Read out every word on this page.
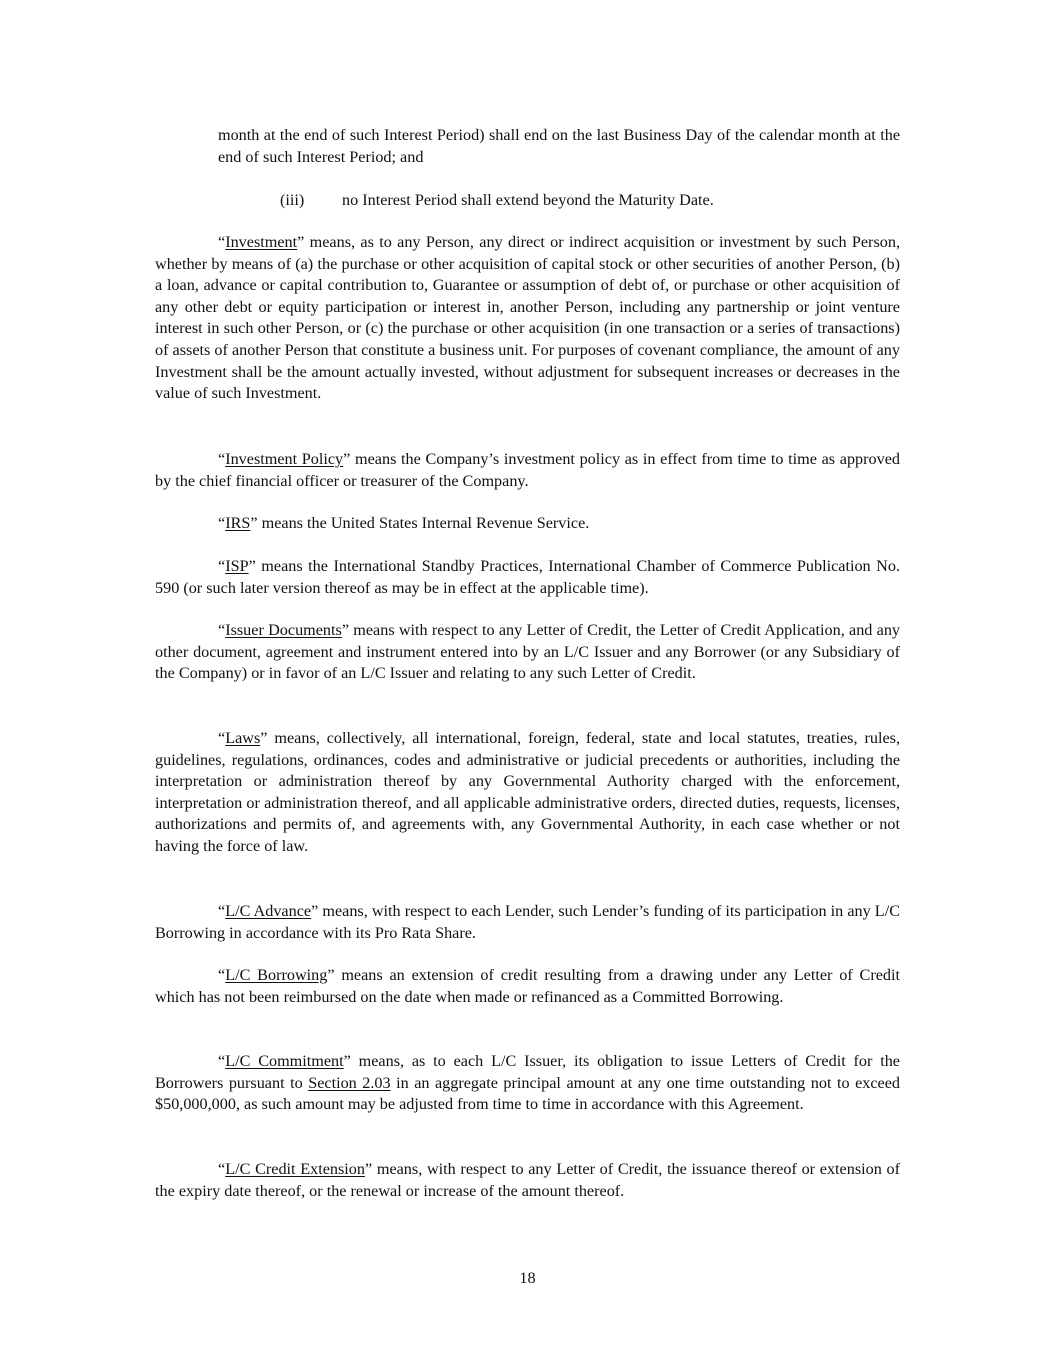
month at the end of such Interest Period) shall end on the last Business Day of the calendar month at the end of such Interest Period; and

(iii) no Interest Period shall extend beyond the Maturity Date.

“Investment” means, as to any Person, any direct or indirect acquisition or investment by such Person, whether by means of (a) the purchase or other acquisition of capital stock or other securities of another Person, (b) a loan, advance or capital contribution to, Guarantee or assumption of debt of, or purchase or other acquisition of any other debt or equity participation or interest in, another Person, including any partnership or joint venture interest in such other Person, or (c) the purchase or other acquisition (in one transaction or a series of transactions) of assets of another Person that constitute a business unit. For purposes of covenant compliance, the amount of any Investment shall be the amount actually invested, without adjustment for subsequent increases or decreases in the value of such Investment.

“Investment Policy” means the Company’s investment policy as in effect from time to time as approved by the chief financial officer or treasurer of the Company.

“IRS” means the United States Internal Revenue Service.

“ISP” means the International Standby Practices, International Chamber of Commerce Publication No. 590 (or such later version thereof as may be in effect at the applicable time).

“Issuer Documents” means with respect to any Letter of Credit, the Letter of Credit Application, and any other document, agreement and instrument entered into by an L/C Issuer and any Borrower (or any Subsidiary of the Company) or in favor of an L/C Issuer and relating to any such Letter of Credit.

“Laws” means, collectively, all international, foreign, federal, state and local statutes, treaties, rules, guidelines, regulations, ordinances, codes and administrative or judicial precedents or authorities, including the interpretation or administration thereof by any Governmental Authority charged with the enforcement, interpretation or administration thereof, and all applicable administrative orders, directed duties, requests, licenses, authorizations and permits of, and agreements with, any Governmental Authority, in each case whether or not having the force of law.

“L/C Advance” means, with respect to each Lender, such Lender’s funding of its participation in any L/C Borrowing in accordance with its Pro Rata Share.

“L/C Borrowing” means an extension of credit resulting from a drawing under any Letter of Credit which has not been reimbursed on the date when made or refinanced as a Committed Borrowing.

“L/C Commitment” means, as to each L/C Issuer, its obligation to issue Letters of Credit for the Borrowers pursuant to Section 2.03 in an aggregate principal amount at any one time outstanding not to exceed $50,000,000, as such amount may be adjusted from time to time in accordance with this Agreement.

“L/C Credit Extension” means, with respect to any Letter of Credit, the issuance thereof or extension of the expiry date thereof, or the renewal or increase of the amount thereof.

18
